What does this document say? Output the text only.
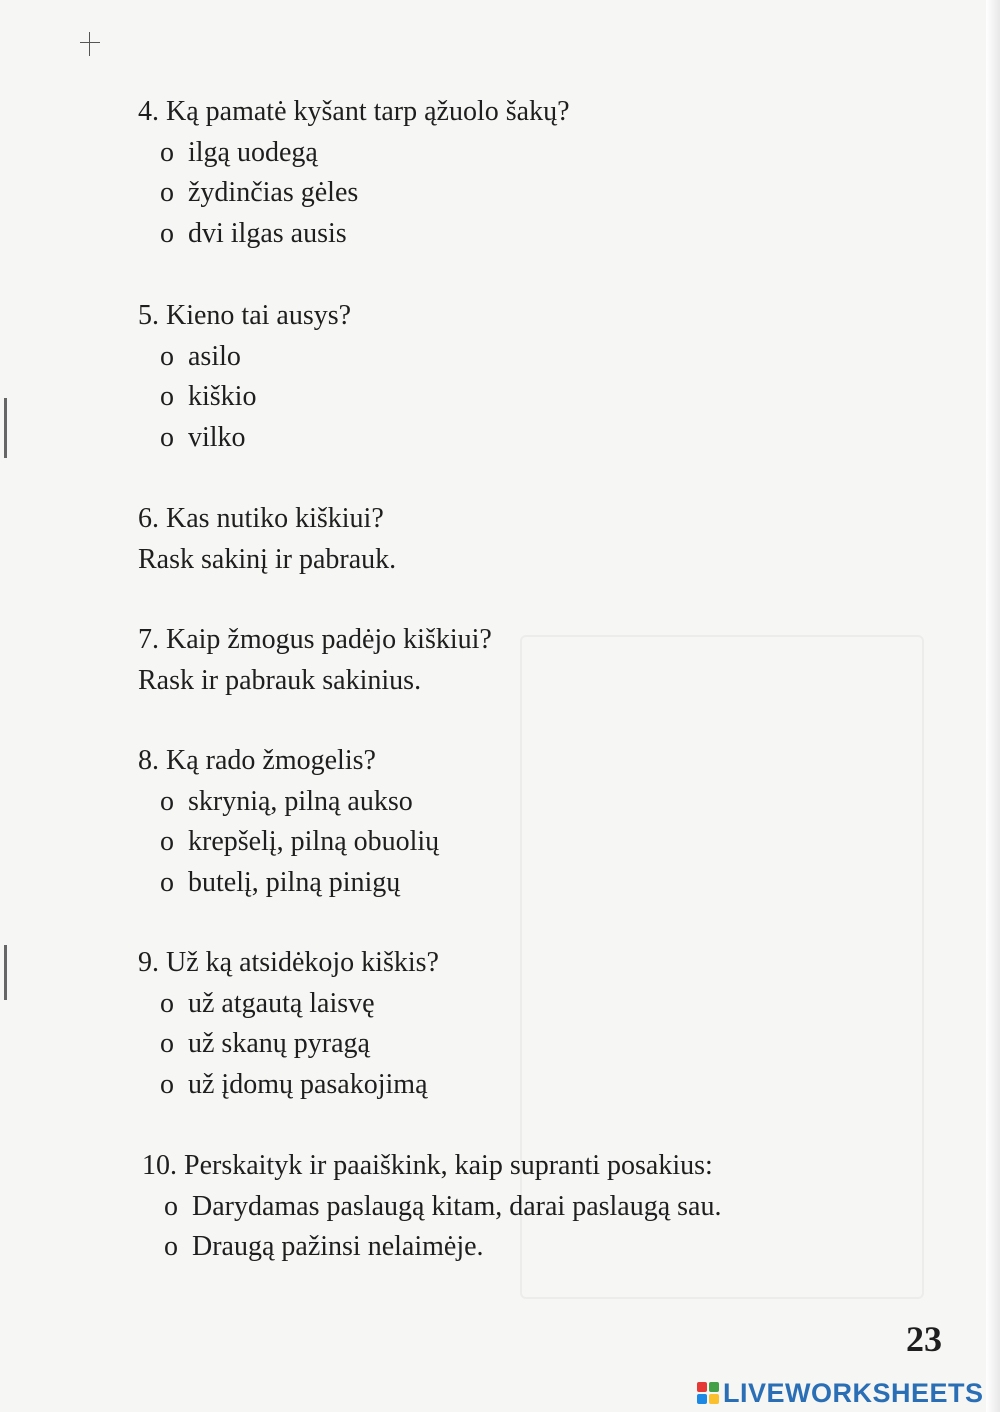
4. Ką pamatė kyšant tarp ąžuolo šakų?

o ilgą uodegą

o žydinčias gėles

o dvi ilgas ausis

5. Kieno tai ausys?

o asilo

o kiškio

o vilko

6. Kas nutiko kiškiui?

Rask sakinį ir pabrauk.

7. Kaip žmogus padėjo kiškiui?

Rask ir pabrauk sakinius.

8. Ką rado žmogelis?

o skrynią, pilną aukso

o krepšelį, pilną obuolių

o butelį, pilną pinigų

9. Už ką atsidėkojo kiškis?

o už atgautą laisvę

o už skanų pyragą

o už įdomų pasakojimą

10. Perskaityk ir paaiškink, kaip supranti posakius:

o Darydamas paslaugą kitam, darai paslaugą sau.

o Draugą pažinsi nelaimėje.

23
LIVEWORKSHEETS
